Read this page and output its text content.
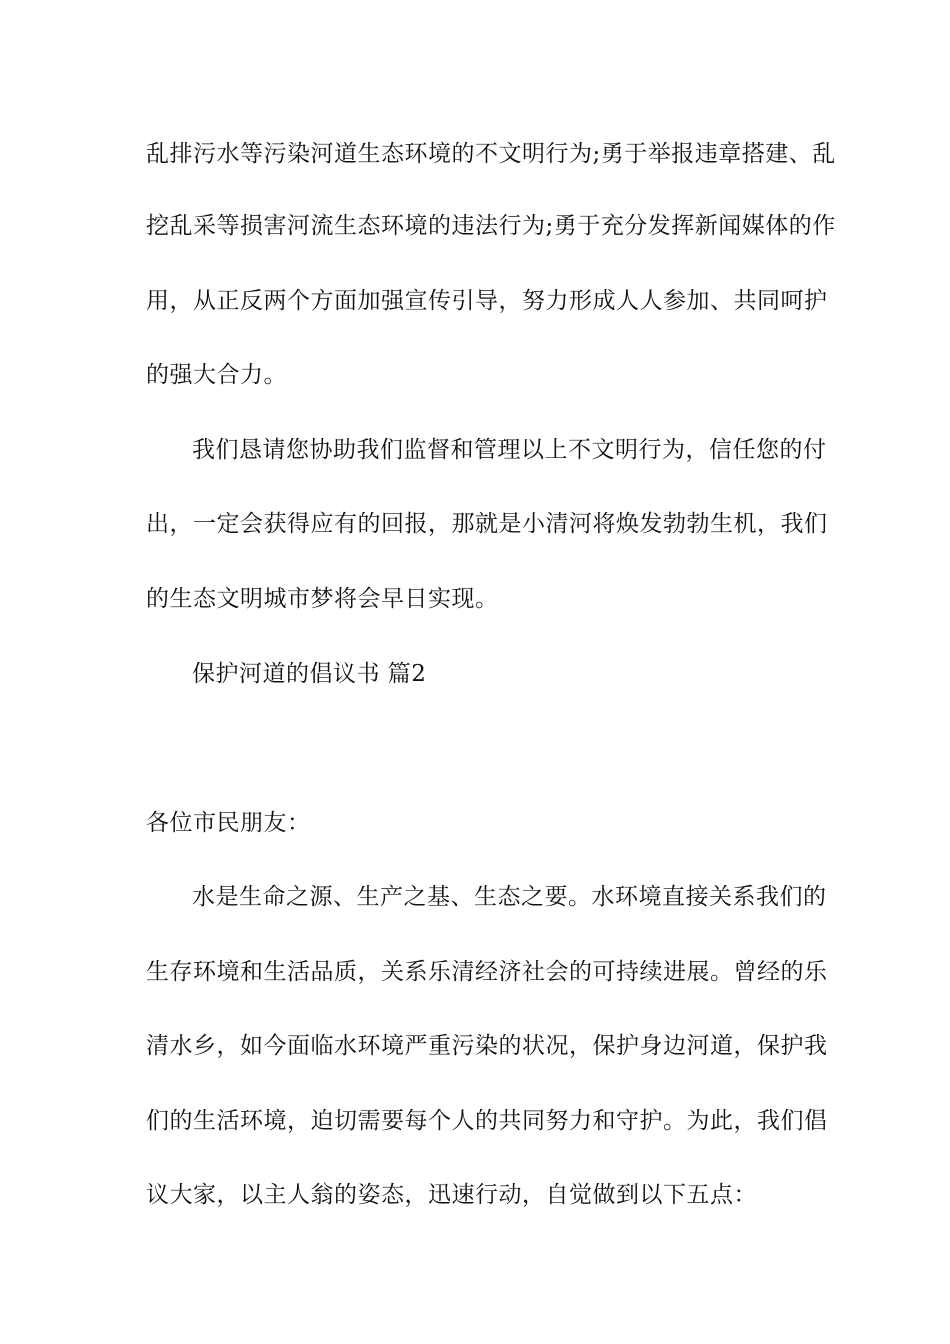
乱排污水等污染河道生态环境的不文明行为;勇于举报违章搭建、乱
挖乱采等损害河流生态环境的违法行为;勇于充分发挥新闻媒体的作
用，从正反两个方面加强宣传引导，努力形成人人参加、共同呵护
的强大合力。
我们恳请您协助我们监督和管理以上不文明行为，信任您的付
出，一定会获得应有的回报，那就是小清河将焕发勃勃生机，我们
的生态文明城市梦将会早日实现。
保护河道的倡议书 篇2
各位市民朋友：
水是生命之源、生产之基、生态之要。水环境直接关系我们的
生存环境和生活品质，关系乐清经济社会的可持续进展。曾经的乐
清水乡，如今面临水环境严重污染的状况，保护身边河道，保护我
们的生活环境，迫切需要每个人的共同努力和守护。为此，我们倡
议大家，以主人翁的姿态，迅速行动，自觉做到以下五点：
